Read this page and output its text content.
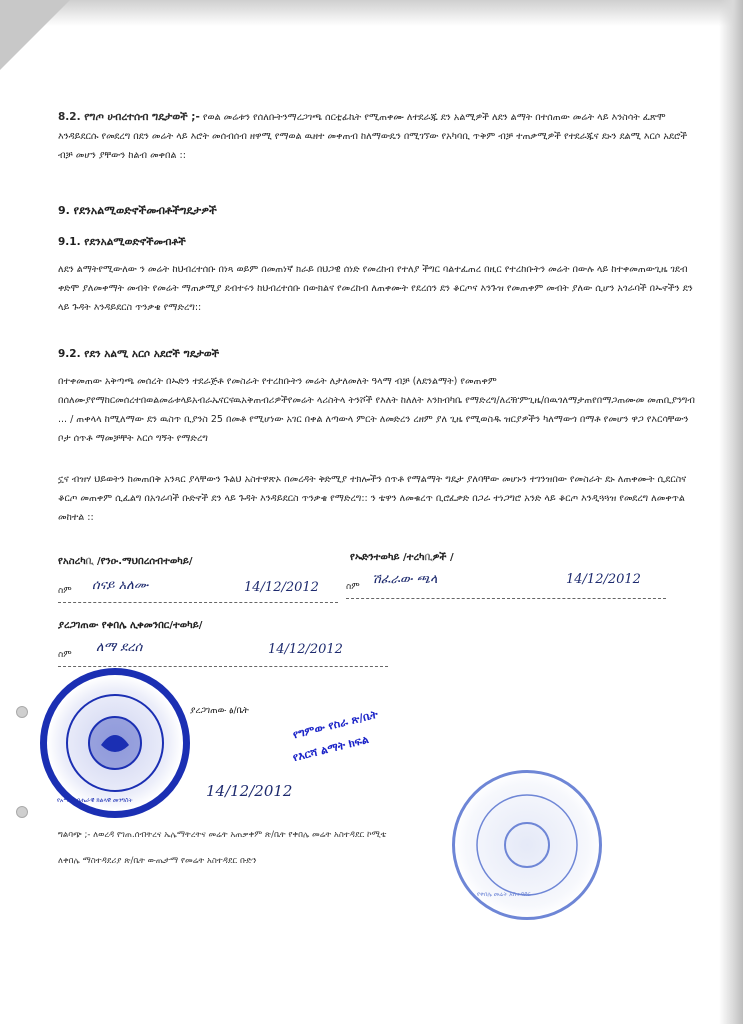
8.2. የግጦ ሀብረተሰብ ግዴታወች ;- የወል መሬቱን የሰለቡትንማረጋገጫ ሰርቲፊኬት የሚጠቀሙ ለተደራጁ ደን አልሚዎች ለደን ልማት በተሰጠው መሬት ላይ እንስሳት ፈጽሞ እንዳይደርሱ የመደረግ በደን መሬት ላይ እሮት መሰብሰብ ዘዋሚ የማወል ዉዘተ መቀጠብ ከለማውዴን በሚገኘው የአካባቢ ጥቅም ብቻ ተጠቃሚዎች የተደራጁና ደኑን ደልሚ እርሶ አደሮች ብቻ መሆን ያቸውን ከልብ መቀበል ::
9. የደንአልሚወድኖችመብቶችግዴታዎች
9.1. የደንአልሚወድኖችመብቶች
ለደን ልማትየሚውለው ን መሬት ከህብረተሰቡ በነጻ ወይም በመጠነኛ ክራይ በህጋዊ ሰነድ የመረከብ የተለያ ችግር ባልተፈጠረ በዚር የተረከቡትን መሬት በውሉ ላይ ከተቀመጠውጊዜ ገደብ ቀድሞ ያለመቀማት መብት የመሬት ማጠቃሚያ ደብተሩን ከህብረተሰቡ በውክልና የመረከብ ለጠቀሙት የደረሰን ደን ቆርጦና እንጉዝ የመጠቀም መብት ያለው ሲሆን አጎራባች በኡኖችን ደን ላይ ጉዳት እንዳይደርስ ጥንቃቄ የማድረግ::
9.2. የደን አልሚ አርሶ አደሮች ግዴታወች
በተቀመጠው አቅጣጫ መሰረት በኡድን ተደራጅቶ የመስራት የተረከቡትን መሬት ለታለመለት ዓላማ ብቻ (ለደንልማት) የመጠቀም በሰለሙያየማከርመሰረተበወልመሬቱላይአብራኤናርናዉአቅጠብሪዎችየመሬት ላሪስትላ ትንሾች የእለት ከለለት እንክብካቤ የማድረግ/ለረዥምጊዜ/በዉጎለማታጠየበማጋጠሙመ መጠቢያንግብ ... / ጠቀላላ ከሚለማው ደን ዉስጥ ቢያንስ 25 በመቶ የሚሆነው አገር በቀል ለጣውላ ምርት ለመድረን ረዘም ያለ ጊዜ የሚወስዱ ዝርያዎችን ካለማውጎ በማቶ የመሆን ዋጋ የእርሳቸውን ቦታ ሰጥቶ ማመቻቸት እርሶ ግኝት የማድረግ
ኗና ብዝሃ ህይወትን ከመጠበቅ አንጻር ያላቸውን ጉልህ አስተዋጽኦ በመረዳት ቅድሚያ ተክሎችን ሰጥቶ የማልማት ግዴታ ያለባቸው መሆኑን ተገንዝበው የመስራት ደኑ ለጠቀሙት ሲደርስና ቆርጦ መጠቀም ሲፈልግ በአጎራባች ቡድኖች ደን ላይ ጉዳት እንዳይደርስ ጥንቃቄ የማድረግ:: ን ቴዋን ለመቁረጥ ቢሮፈቃድ በጋራ ተነጋግሮ አንድ ላይ ቆርጦ እንዲጓጓዝ የመደረግ ለመቀጥል መከተል ::
የአስረካቢ /የንዑ.ማህበረሰብተወካይ/	የኡድንተወካይ /ተረካቢዎች /
ስም	ሰናይ አለሙ	14/12/2012	ስም ሽፈራው ጫላ	14/12/2012
ያረጋገጠው የቀበሌ ሊቀመንበር/ተወካይ/
ስም	ለማ ደረሰ	14/12/2012
ያረጋገጠው ፅ/ቤት	የግምው የስራ ጽ/ቤት
የእርሻ ልማት ክፍል
14/12/2012
የአማራ ብሔራዊ ክልላዊ መንግስት
የቀበሌ መሬት አስተዳደር
ግልባጭ ;- ለወረዳ የገጠ.ሰብትረና ኤሌማትረትና መሬት አጠቃቀም ጽ/ቤት የቀበሌ መሬት አስተዳደር ኮሚቴ
ለቀበሌ ማስተዳደሪያ ጽ/ቤት ውጤታማ የመሬት አስተዳደር ቡድን
